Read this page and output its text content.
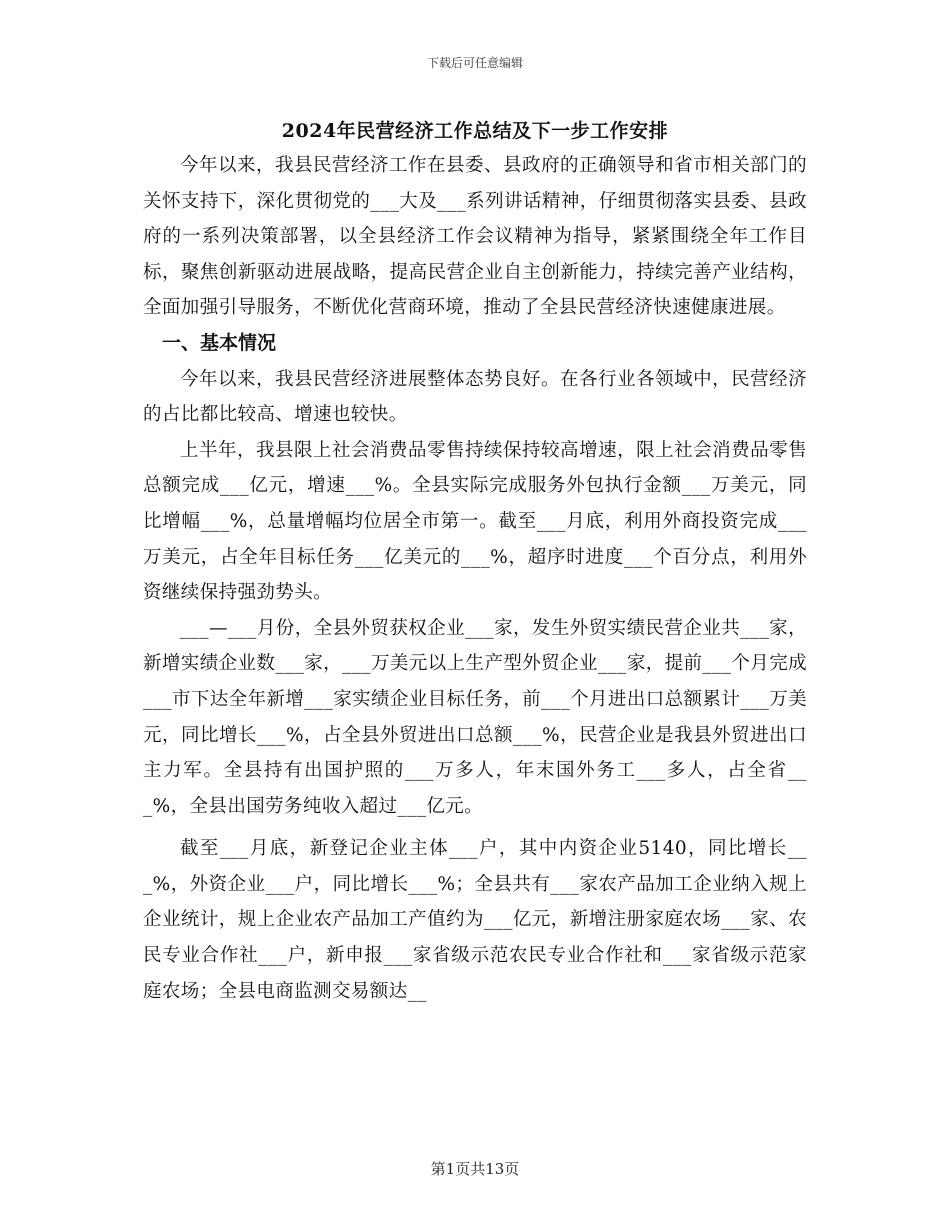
下载后可任意编辑
2024年民营经济工作总结及下一步工作安排

今年以来，我县民营经济工作在县委、县政府的正确领导和省市相关部门的关怀支持下，深化贯彻党的___大及___系列讲话精神，仔细贯彻落实县委、县政府的一系列决策部署，以全县经济工作会议精神为指导，紧紧围绕全年工作目标，聚焦创新驱动进展战略，提高民营企业自主创新能力，持续完善产业结构，全面加强引导服务，不断优化营商环境，推动了全县民营经济快速健康进展。

一、基本情况

今年以来，我县民营经济进展整体态势良好。在各行业各领域中，民营经济的占比都比较高、增速也较快。

上半年，我县限上社会消费品零售持续保持较高增速，限上社会消费品零售总额完成___亿元，增速___%。全县实际完成服务外包执行金额___万美元，同比增幅___%，总量增幅均位居全市第一。截至___月底，利用外商投资完成___万美元，占全年目标任务___亿美元的___%，超序时进度___个百分点，利用外资继续保持强劲势头。

___—___月份，全县外贸获权企业___家，发生外贸实绩民营企业共___家，新增实绩企业数___家，___万美元以上生产型外贸企业___家，提前___个月完成___市下达全年新增___家实绩企业目标任务，前___个月进出口总额累计___万美元，同比增长___%，占全县外贸进出口总额___%，民营企业是我县外贸进出口主力军。全县持有出国护照的___万多人，年末国外务工___多人，占全省___%，全县出国劳务纯收入超过___亿元。

截至___月底，新登记企业主体___户，其中内资企业5140，同比增长___%，外资企业___户，同比增长___%；全县共有___家农产品加工企业纳入规上企业统计，规上企业农产品加工产值约为___亿元，新增注册家庭农场___家、农民专业合作社___户，新申报___家省级示范农民专业合作社和___家省级示范家庭农场；全县电商监测交易额达__

第1页共13页
